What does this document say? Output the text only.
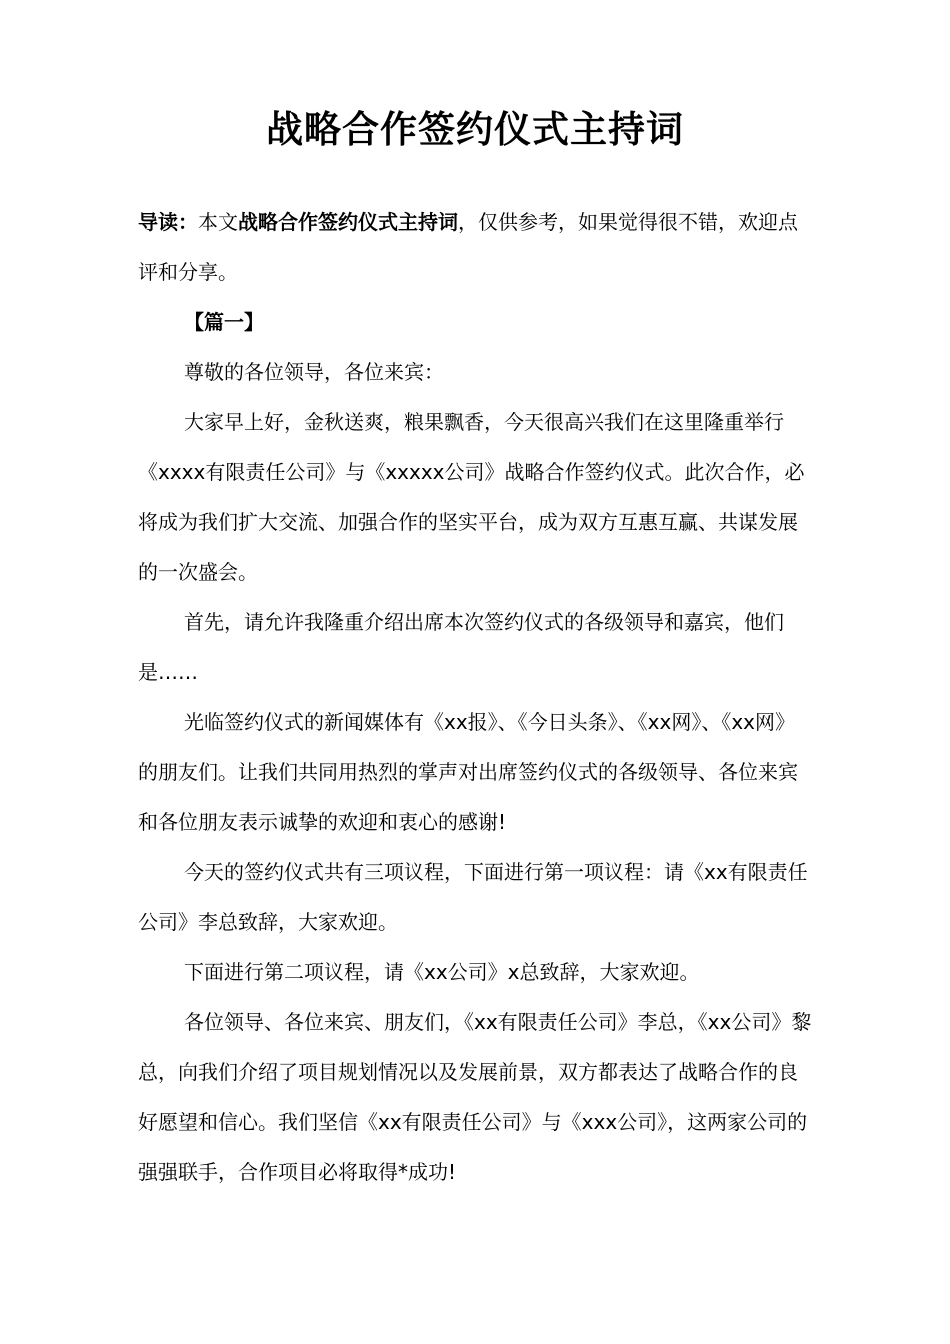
战略合作签约仪式主持词

导读：本文战略合作签约仪式主持词，仅供参考，如果觉得很不错，欢迎点评和分享。

【篇一】

尊敬的各位领导，各位来宾：

大家早上好，金秋送爽，粮果飘香，今天很高兴我们在这里隆重举行《xxxx有限责任公司》与《xxxxx公司》战略合作签约仪式。此次合作，必将成为我们扩大交流、加强合作的坚实平台，成为双方互惠互赢、共谋发展的一次盛会。

首先，请允许我隆重介绍出席本次签约仪式的各级领导和嘉宾，他们是……

光临签约仪式的新闻媒体有《xx报》、《今日头条》、《xx网》、《xx网》的朋友们。让我们共同用热烈的掌声对出席签约仪式的各级领导、各位来宾和各位朋友表示诚挚的欢迎和衷心的感谢!

今天的签约仪式共有三项议程，下面进行第一项议程：请《xx有限责任公司》李总致辞，大家欢迎。

下面进行第二项议程，请《xx公司》x总致辞，大家欢迎。

各位领导、各位来宾、朋友们，《xx有限责任公司》李总，《xx公司》黎总，向我们介绍了项目规划情况以及发展前景，双方都表达了战略合作的良好愿望和信心。我们坚信《xx有限责任公司》与《xxx公司》，这两家公司的强强联手，合作项目必将取得*成功!
